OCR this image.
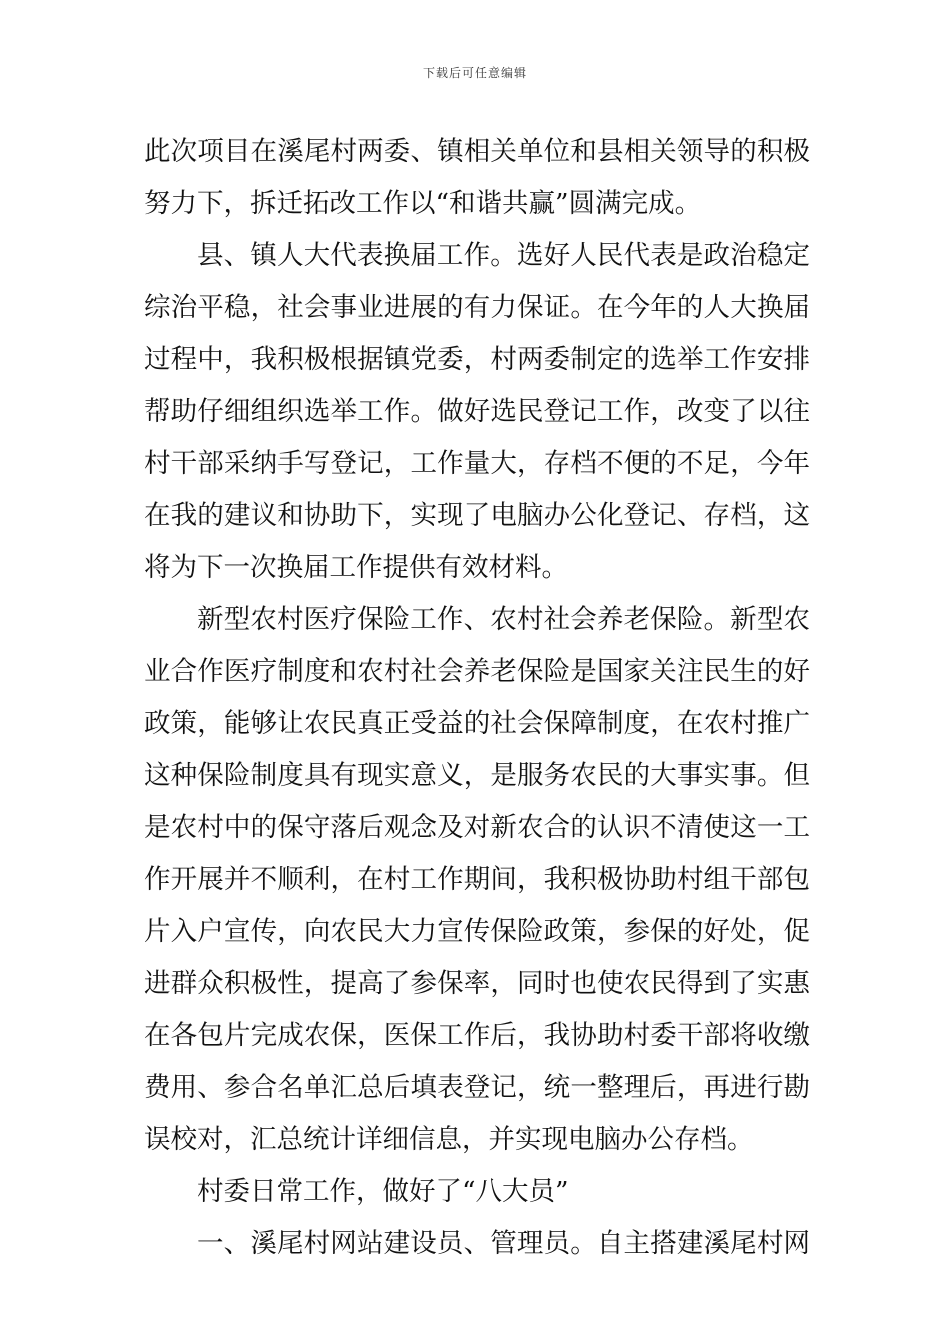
下载后可任意编辑
此次项目在溪尾村两委、镇相关单位和县相关领导的积极
努力下，拆迁拓改工作以“和谐共赢”圆满完成。
县、镇人大代表换届工作。选好人民代表是政治稳定
综治平稳，社会事业进展的有力保证。在今年的人大换届
过程中，我积极根据镇党委，村两委制定的选举工作安排
帮助仔细组织选举工作。做好选民登记工作，改变了以往
村干部采纳手写登记，工作量大，存档不便的不足，今年
在我的建议和协助下，实现了电脑办公化登记、存档，这
将为下一次换届工作提供有效材料。
新型农村医疗保险工作、农村社会养老保险。新型农
业合作医疗制度和农村社会养老保险是国家关注民生的好
政策，能够让农民真正受益的社会保障制度，在农村推广
这种保险制度具有现实意义，是服务农民的大事实事。但
是农村中的保守落后观念及对新农合的认识不清使这一工
作开展并不顺利，在村工作期间，我积极协助村组干部包
片入户宣传，向农民大力宣传保险政策，参保的好处，促
进群众积极性，提高了参保率，同时也使农民得到了实惠
在各包片完成农保，医保工作后，我协助村委干部将收缴
费用、参合名单汇总后填表登记，统一整理后，再进行勘
误校对，汇总统计详细信息，并实现电脑办公存档。
村委日常工作，做好了“八大员”
一、溪尾村网站建设员、管理员。自主搭建溪尾村网
